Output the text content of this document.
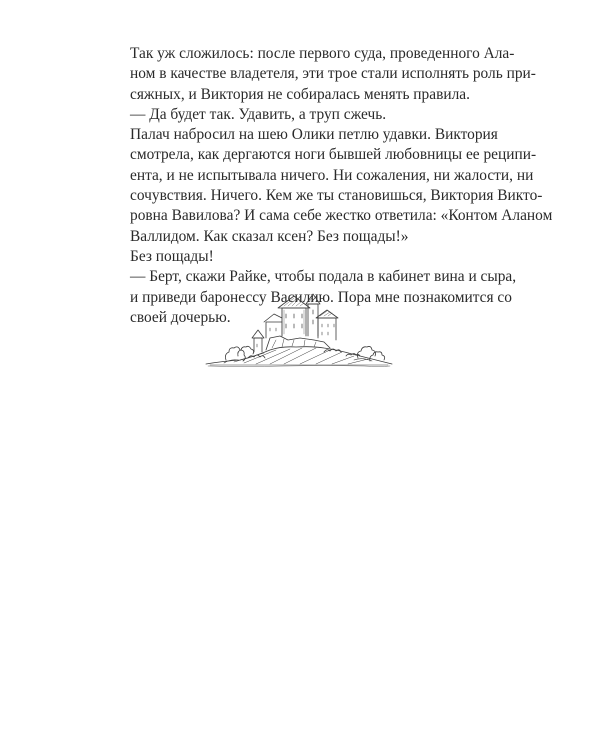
Так уж сложилось: после первого суда, проведенного Ала-
ном в качестве владетеля, эти трое стали исполнять роль при-
сяжных, и Виктория не собиралась менять правила.

— Да будет так. Удавить, а труп сжечь.

Палач набросил на шею Олики петлю удавки. Виктория
смотрела, как дергаются ноги бывшей любовницы ее реципи-
ента, и не испытывала ничего. Ни сожаления, ни жалости, ни
сочувствия. Ничего. Кем же ты становишься, Виктория Викто-
ровна Вавилова? И сама себе жестко ответила: «Контом Аланом
Валлидом. Как сказал ксен? Без пощады!»

Без пощады!

— Берт, скажи Райке, чтобы подала в кабинет вина и сыра,
и приведи баронессу Василию. Пора мне познакомится со
своей дочерью.
